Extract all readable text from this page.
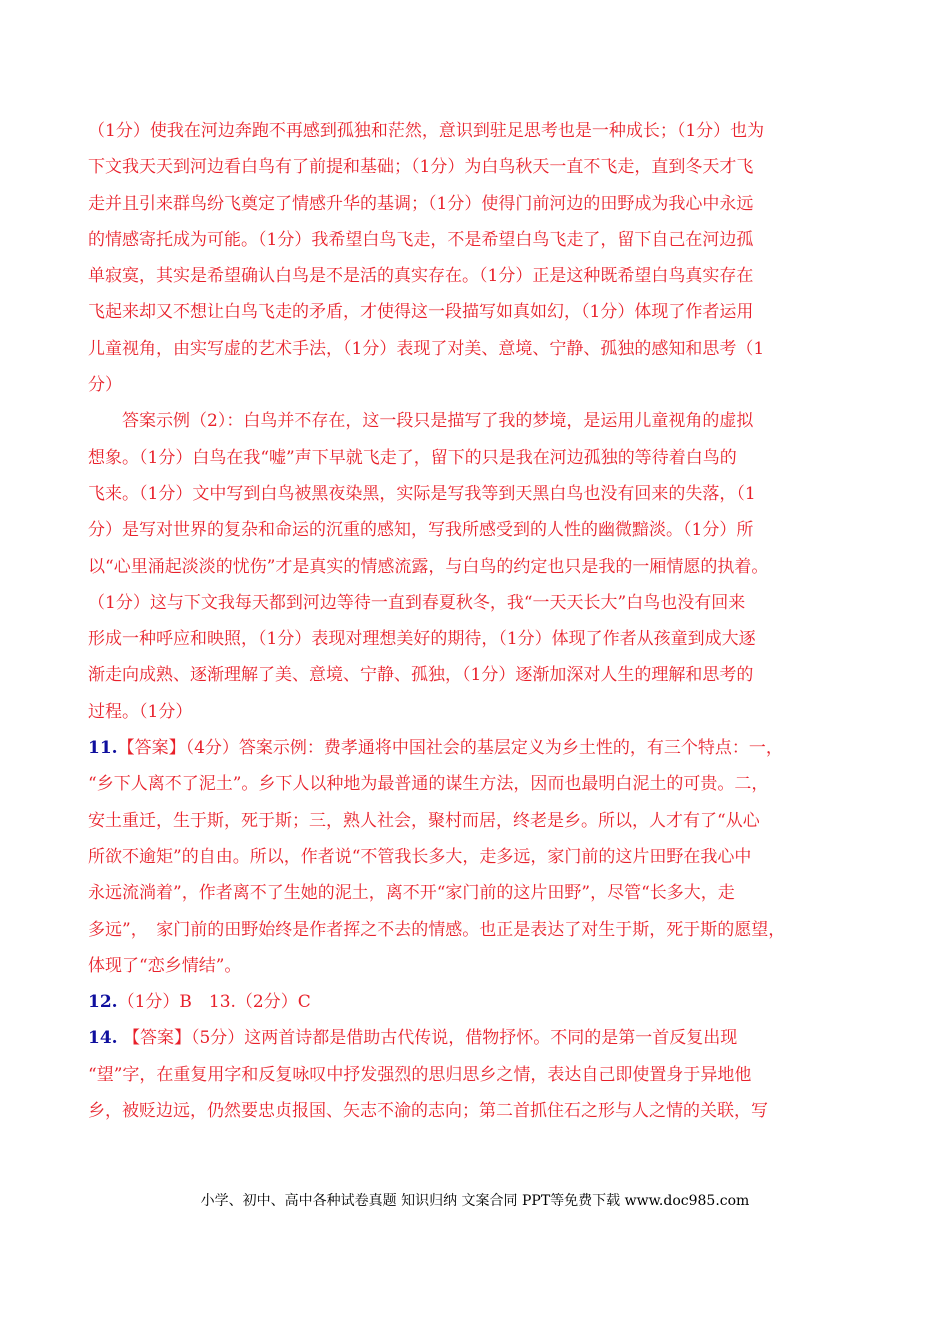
（1分）使我在河边奔跑不再感到孤独和茫然，意识到驻足思考也是一种成长；（1分）也为
下文我天天到河边看白鸟有了前提和基础；（1分）为白鸟秋天一直不飞走，直到冬天才飞
走并且引来群鸟纷飞奠定了情感升华的基调；（1分）使得门前河边的田野成为我心中永远
的情感寄托成为可能。（1分）我希望白鸟飞走，不是希望白鸟飞走了，留下自己在河边孤
单寂寞，其实是希望确认白鸟是不是活的真实存在。（1分）正是这种既希望白鸟真实存在
飞起来却又不想让白鸟飞走的矛盾，才使得这一段描写如真如幻，（1分）体现了作者运用
儿童视角，由实写虚的艺术手法，（1分）表现了对美、意境、宁静、孤独的感知和思考（1
分）
　　答案示例（2）：白鸟并不存在，这一段只是描写了我的梦境，是运用儿童视角的虚拟
想象。（1分）白鸟在我“嘘”声下早就飞走了，留下的只是我在河边孤独的等待着白鸟的
飞来。（1分）文中写到白鸟被黑夜染黑，实际是写我等到天黑白鸟也没有回来的失落，（1
分）是写对世界的复杂和命运的沉重的感知，写我所感受到的人性的幽微黯淡。（1分）所
以“心里涌起淡淡的忧伤”才是真实的情感流露，与白鸟的约定也只是我的一厢情愿的执着。
（1分）这与下文我每天都到河边等待一直到春夏秋冬，我“一天天长大”白鸟也没有回来
形成一种呼应和映照，（1分）表现对理想美好的期待，（1分）体现了作者从孩童到成大逐
渐走向成熟、逐渐理解了美、意境、宁静、孤独，（1分）逐渐加深对人生的理解和思考的
过程。（1分）
11.【答案】（4分）答案示例：费孝通将中国社会的基层定义为乡土性的，有三个特点：一，
“乡下人离不了泥土”。乡下人以种地为最普通的谋生方法，因而也最明白泥土的可贵。二，
安土重迁，生于斯，死于斯；三，熟人社会，聚村而居，终老是乡。所以，人才有了“从心
所欲不逾矩”的自由。所以，作者说“不管我长多大，走多远，家门前的这片田野在我心中
永远流淌着”，作者离不了生她的泥土，离不开“家门前的这片田野”，尽管“长多大，走
多远”，　家门前的田野始终是作者挥之不去的情感。也正是表达了对生于斯，死于斯的愿望，
体现了“恋乡情结”。
12.（1分）B　13.（2分）C
14. 【答案】（5分）这两首诗都是借助古代传说，借物抒怀。不同的是第一首反复出现
“望”字，在重复用字和反复咏叹中抒发强烈的思归思乡之情，表达自己即使置身于异地他
乡，被贬边远，仍然要忠贞报国、矢志不渝的志向；第二首抓住石之形与人之情的关联，写
小学、初中、高中各种试卷真题 知识归纳 文案合同 PPT等免费下载 www.doc985.com
